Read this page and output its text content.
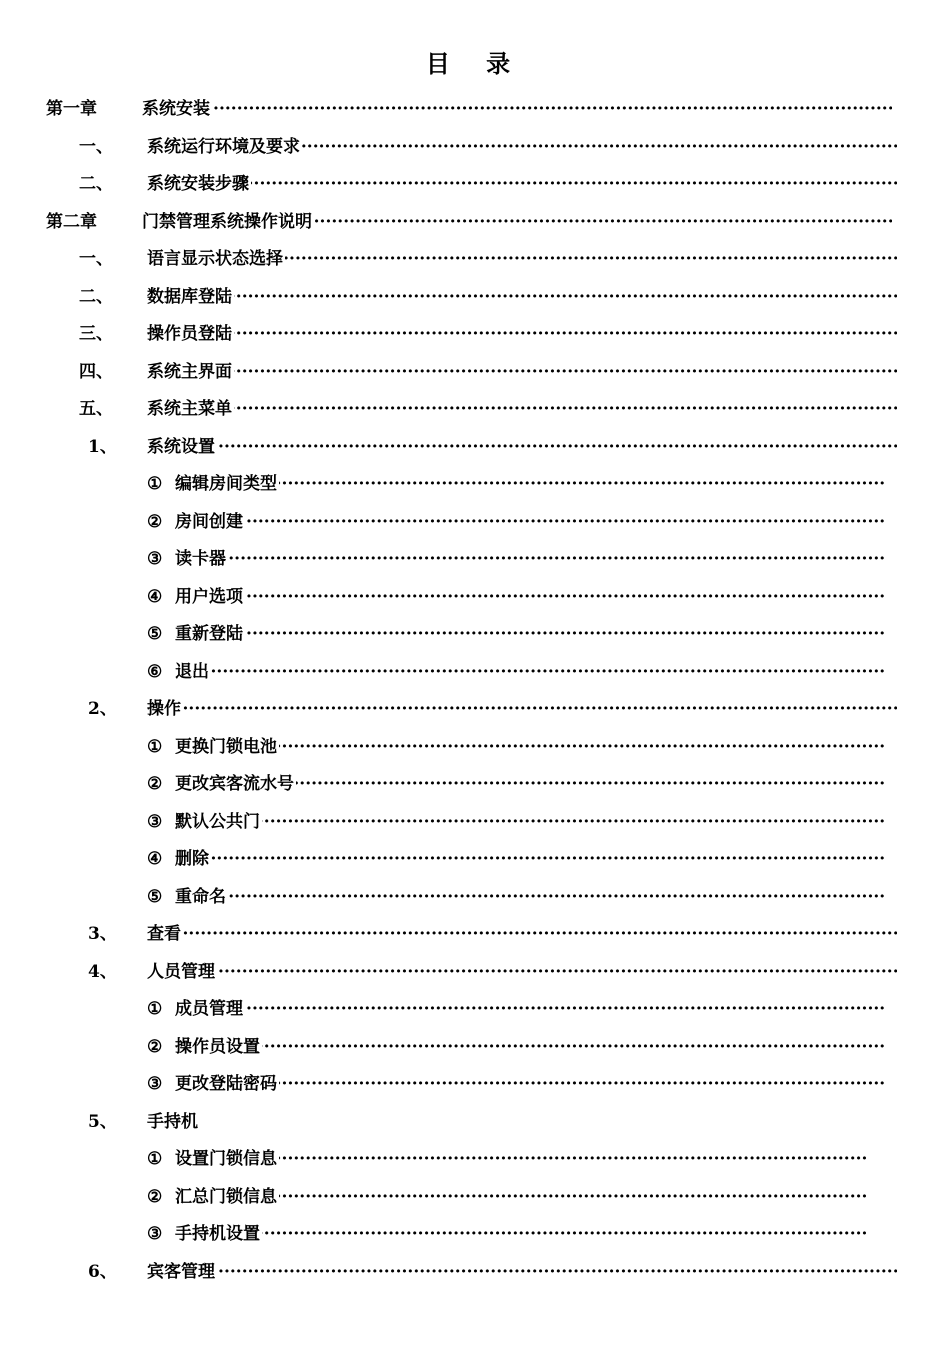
目 录
·····
第一章	系统安装
·····
一、 系统运行环境及要求
·····
二、 系统安装步骤
·····
第二章	门禁管理系统操作说明
·····
一、 语言显示状态选择
·····
二、 数据库登陆
·····
三、 操作员登陆
·····
四、 系统主界面
·····
五、 系统主菜单
·····
1、 系统设置
·····
① 编辑房间类型
·····
② 房间创建
·····
③ 读卡器
·····
④ 用户选项
·····
⑤ 重新登陆
·····
⑥ 退出
·····
2、 操作
·····
① 更换门锁电池
·····
② 更改宾客流水号
·····
③ 默认公共门
·····
④ 删除
·····
⑤ 重命名
·····
3、 查看
·····
4、 人员管理
·····
① 成员管理
·····
② 操作员设置
·····
③ 更改登陆密码
5、 手持机
·····
① 设置门锁信息
·····
② 汇总门锁信息
·····
③ 手持机设置
·····
6、 宾客管理
